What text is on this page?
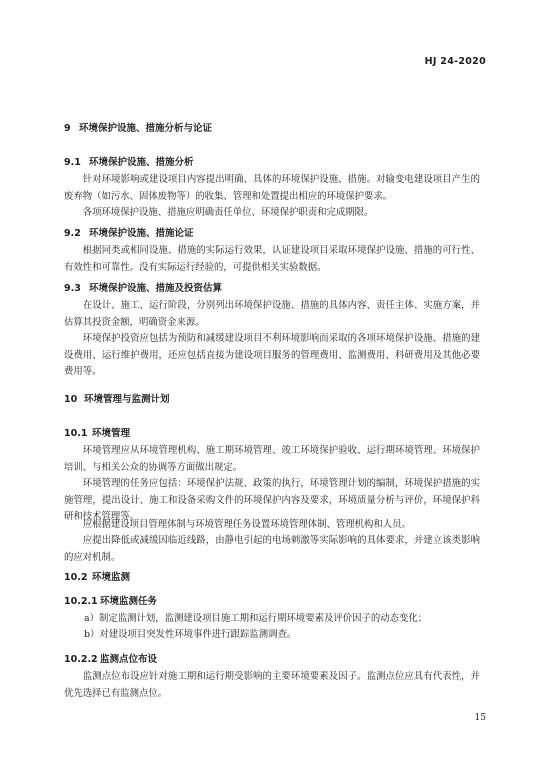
HJ 24-2020
9 环境保护设施、措施分析与论证
9.1 环境保护设施、措施分析

针对环境影响或建设项目内容提出明确、具体的环境保护设施、措施。对输变电建设项目产生的废弃物（如污水、固体废物等）的收集、管理和处置提出相应的环境保护要求。

各项环境保护设施、措施应明确责任单位、环境保护职责和完成期限。

9.2 环境保护设施、措施论证

根据同类或相同设施、措施的实际运行效果，认证建设项目采取环境保护设施、措施的可行性、有效性和可靠性。没有实际运行经验的，可提供相关实验数据。

9.3 环境保护设施、措施及投资估算

在设计、施工、运行阶段，分别列出环境保护设施、措施的具体内容、责任主体、实施方案，并估算其投资金额，明确资金来源。

环境保护投资应包括为预防和减缓建设项目不利环境影响而采取的各项环境保护设施、措施的建设费用、运行维护费用，还应包括直接为建设项目服务的管理费用、监测费用、科研费用及其他必要费用等。

10 环境管理与监测计划
10.1 环境管理

环境管理应从环境管理机构、施工期环境管理、竣工环境保护验收、运行期环境管理、环境保护培训、与相关公众的协调等方面做出规定。

环境管理的任务应包括：环境保护法规、政策的执行，环境管理计划的编制，环境保护措施的实施管理，提出设计、施工和设备采购文件的环境保护内容及要求，环境质量分析与评价，环境保护科研和技术管理等。

应根据建设项目管理体制与环境管理任务设置环境管理体制、管理机构和人员。

应提出降低或减缓因临近线路，由静电引起的电场刺激等实际影响的具体要求，并建立该类影响的应对机制。

10.2 环境监测
10.2.1 环境监测任务
a）制定监测计划，监测建设项目施工期和运行期环境要素及评价因子的动态变化；
b）对建设项目突发性环境事件进行跟踪监测调查。
10.2.2 监测点位布设

监测点位布设应针对施工期和运行期受影响的主要环境要素及因子。监测点位应具有代表性，并优先选择已有监测点位。

15
